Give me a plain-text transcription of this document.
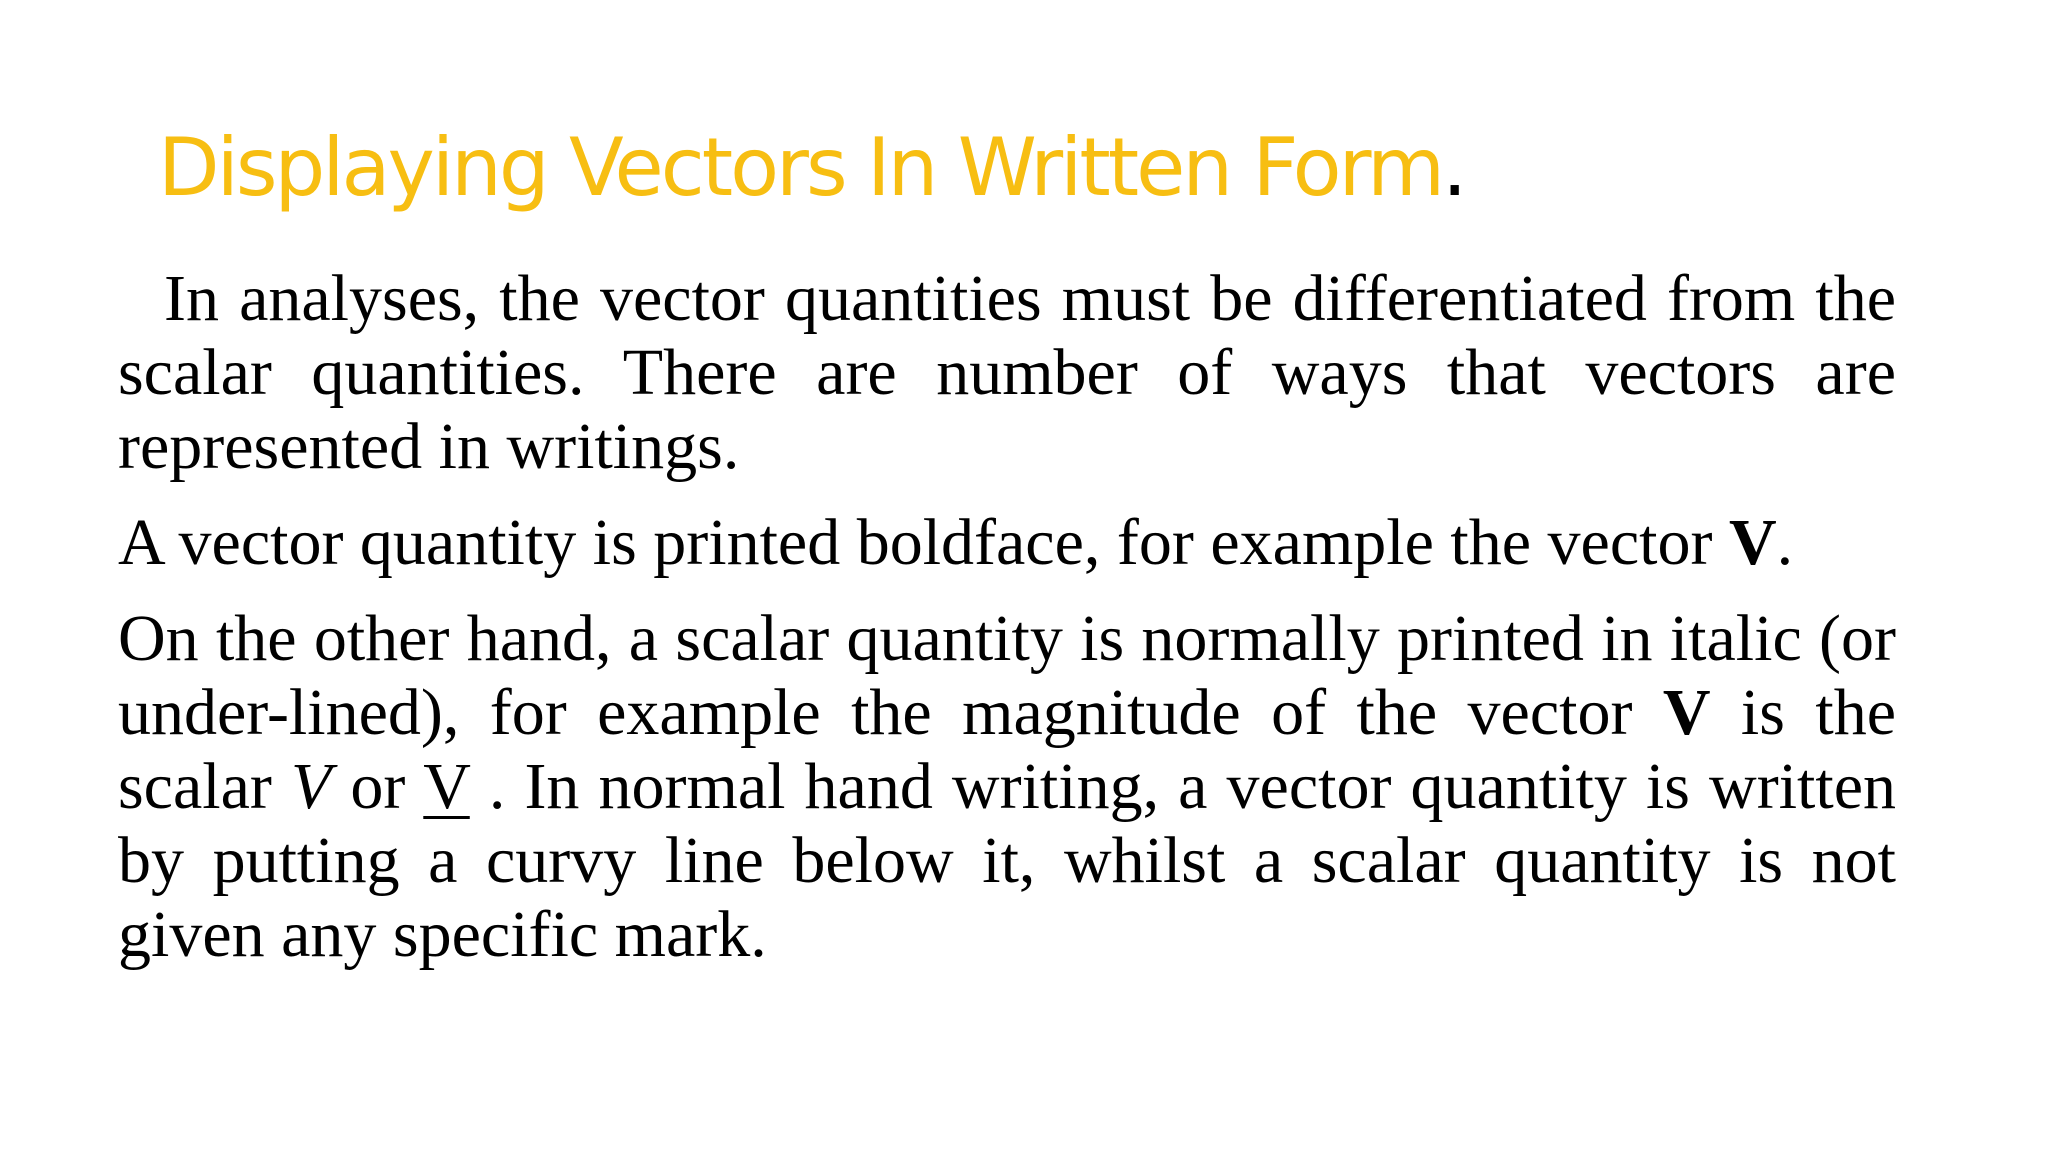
Displaying Vectors In Written Form.

In analyses, the vector quantities must be differentiated from the scalar quantities. There are number of ways that vectors are represented in writings.

A vector quantity is printed boldface, for example the vector V.

On the other hand, a scalar quantity is normally printed in italic (or under-lined), for example the magnitude of the vector V is the scalar V or V . In normal hand writing, a vector quantity is written by putting a curvy line below it, whilst a scalar quantity is not given any specific mark.
